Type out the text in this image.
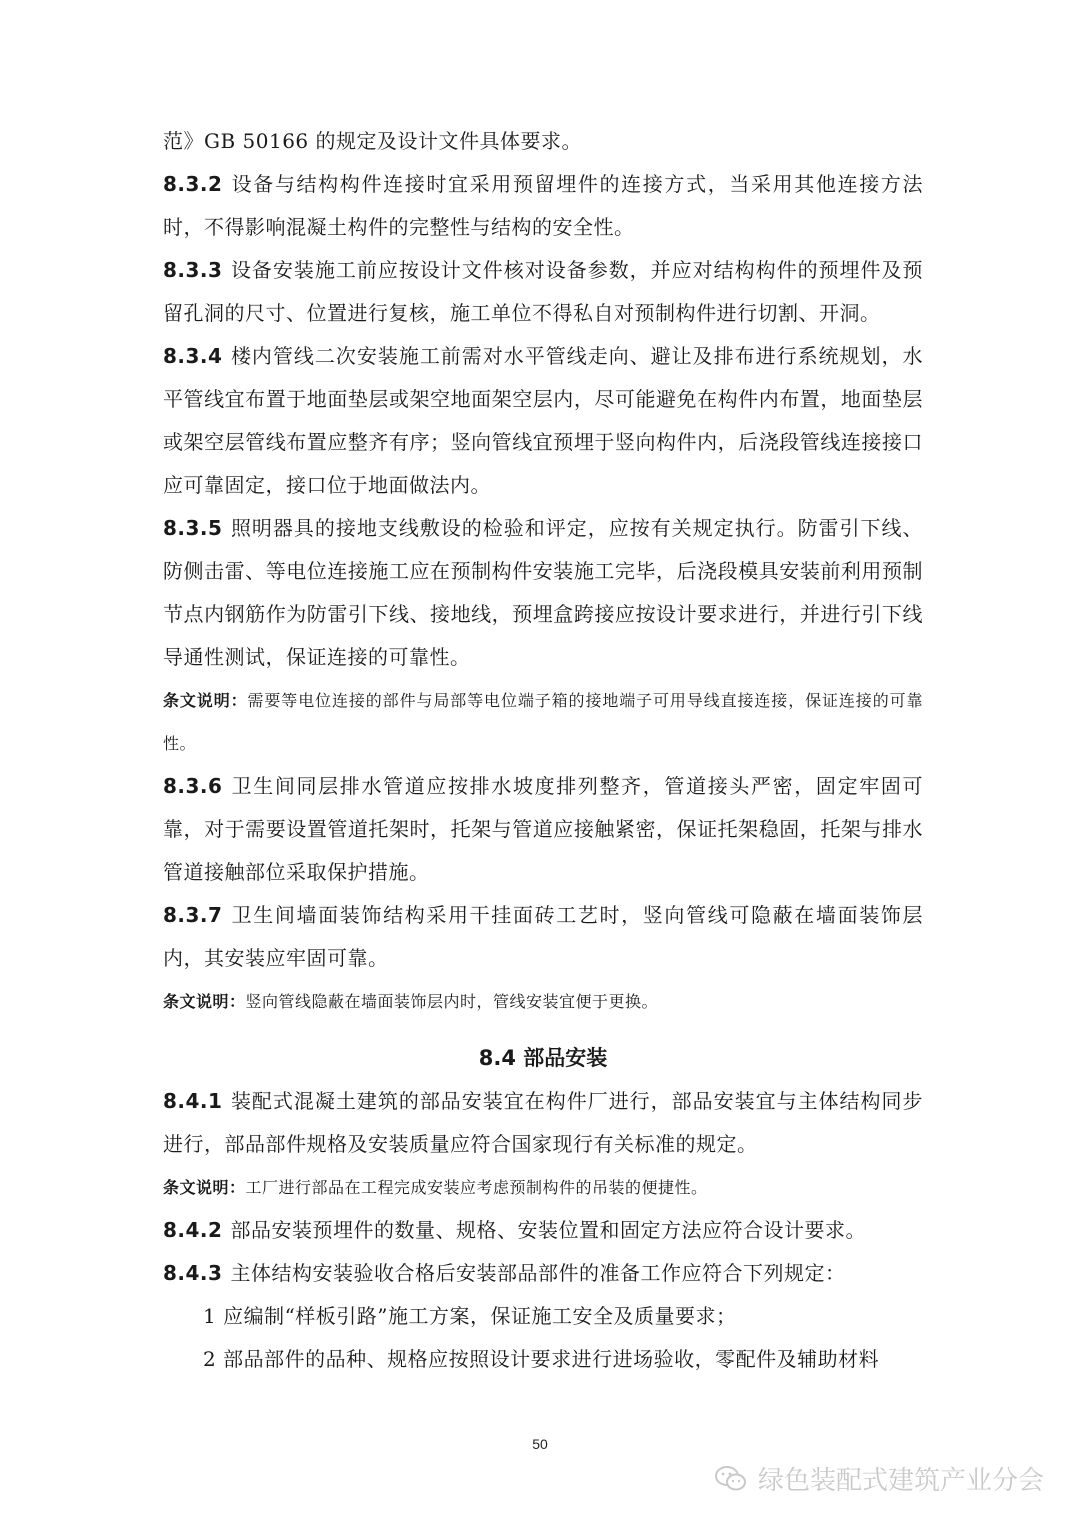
范》GB 50166 的规定及设计文件具体要求。

8.3.2 设备与结构构件连接时宜采用预留埋件的连接方式，当采用其他连接方法时，不得影响混凝土构件的完整性与结构的安全性。

8.3.3 设备安装施工前应按设计文件核对设备参数，并应对结构构件的预埋件及预留孔洞的尺寸、位置进行复核，施工单位不得私自对预制构件进行切割、开洞。

8.3.4 楼内管线二次安装施工前需对水平管线走向、避让及排布进行系统规划，水平管线宜布置于地面垫层或架空地面架空层内，尽可能避免在构件内布置，地面垫层或架空层管线布置应整齐有序；竖向管线宜预埋于竖向构件内，后浇段管线连接接口应可靠固定，接口位于地面做法内。

8.3.5 照明器具的接地支线敷设的检验和评定，应按有关规定执行。防雷引下线、防侧击雷、等电位连接施工应在预制构件安装施工完毕，后浇段模具安装前利用预制节点内钢筋作为防雷引下线、接地线，预埋盒跨接应按设计要求进行，并进行引下线导通性测试，保证连接的可靠性。

条文说明：需要等电位连接的部件与局部等电位端子箱的接地端子可用导线直接连接，保证连接的可靠性。

8.3.6 卫生间同层排水管道应按排水坡度排列整齐，管道接头严密，固定牢固可靠，对于需要设置管道托架时，托架与管道应接触紧密，保证托架稳固，托架与排水管道接触部位采取保护措施。

8.3.7 卫生间墙面装饰结构采用干挂面砖工艺时，竖向管线可隐蔽在墙面装饰层内，其安装应牢固可靠。

条文说明：竖向管线隐蔽在墙面装饰层内时，管线安装宜便于更换。

8.4 部品安装

8.4.1 装配式混凝土建筑的部品安装宜在构件厂进行，部品安装宜与主体结构同步进行，部品部件规格及安装质量应符合国家现行有关标准的规定。

条文说明：工厂进行部品在工程完成安装应考虑预制构件的吊装的便捷性。

8.4.2 部品安装预埋件的数量、规格、安装位置和固定方法应符合设计要求。

8.4.3 主体结构安装验收合格后安装部品部件的准备工作应符合下列规定：

1 应编制“样板引路”施工方案，保证施工安全及质量要求；

2 部品部件的品种、规格应按照设计要求进行进场验收，零配件及辅助材料

50
绿色装配式建筑产业分会
